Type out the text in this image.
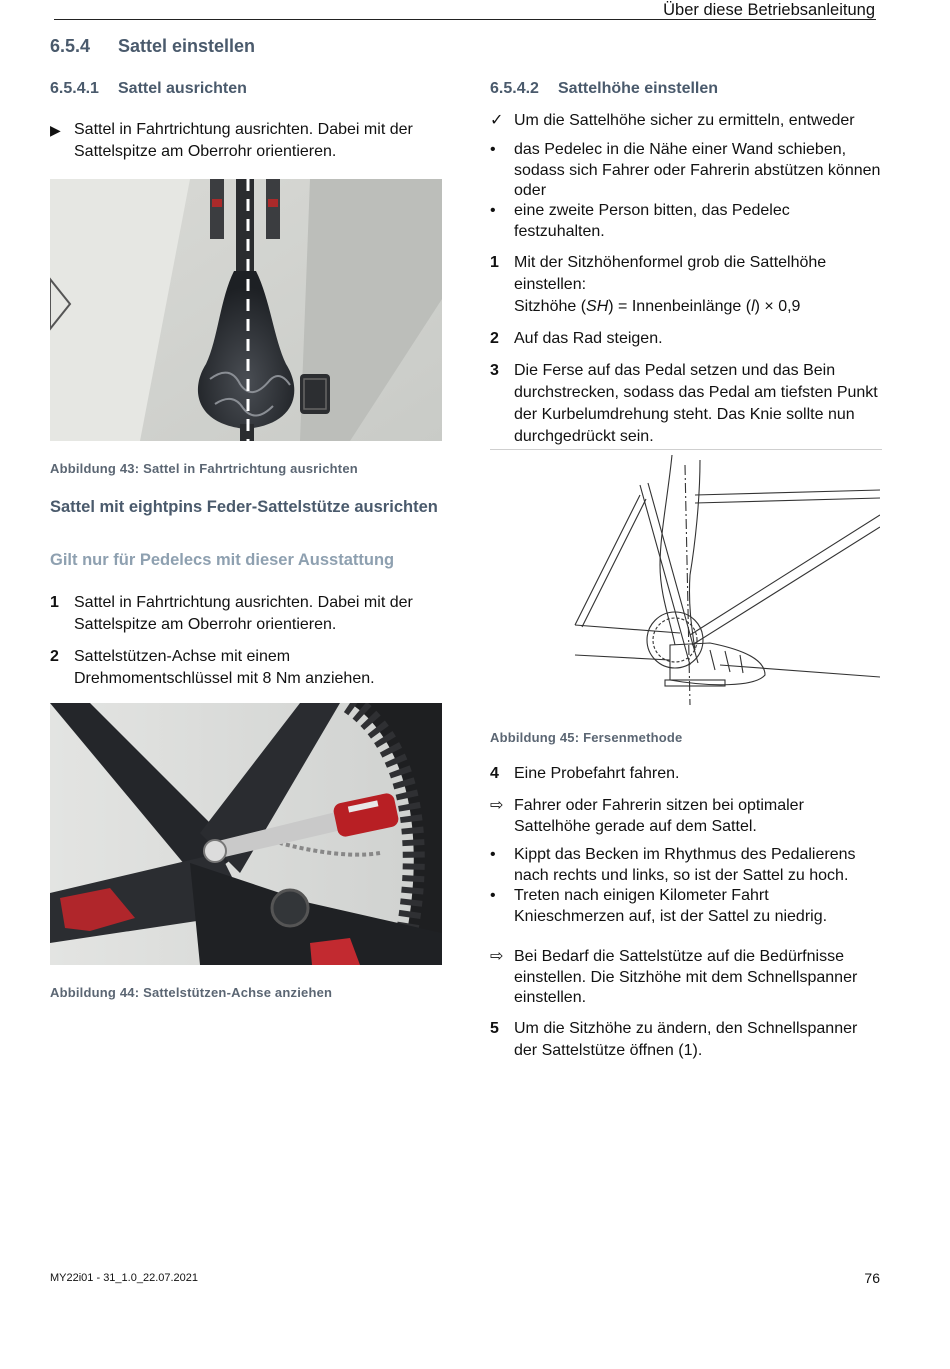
Über diese Betriebsanleitung
6.5.4 Sattel einstellen
6.5.4.1 Sattel ausrichten
▶ Sattel in Fahrtrichtung ausrichten. Dabei mit der Sattelspitze am Oberrohr orientieren.
Abbildung 43: Sattel in Fahrtrichtung ausrichten
Sattel mit eightpins Feder-Sattelstütze ausrichten
Gilt nur für Pedelecs mit dieser Ausstattung
1 Sattel in Fahrtrichtung ausrichten. Dabei mit der Sattelspitze am Oberrohr orientieren.
2 Sattelstützen-Achse mit einem Drehmomentschlüssel mit 8 Nm anziehen.
Abbildung 44: Sattelstützen-Achse anziehen
6.5.4.2 Sattelhöhe einstellen
✓ Um die Sattelhöhe sicher zu ermitteln, entweder
•	das Pedelec in die Nähe einer Wand schieben, sodass sich Fahrer oder Fahrerin abstützen können oder
•	eine zweite Person bitten, das Pedelec festzuhalten.
1 Mit der Sitzhöhenformel grob die Sattelhöhe einstellen:
Sitzhöhe (SH) = Innenbeinlänge (l) × 0,9
2 Auf das Rad steigen.
3 Die Ferse auf das Pedal setzen und das Bein durchstrecken, sodass das Pedal am tiefsten Punkt der Kurbelumdrehung steht. Das Knie sollte nun durchgedrückt sein.
Abbildung 45: Fersenmethode
4 Eine Probefahrt fahren.
⇨ Fahrer oder Fahrerin sitzen bei optimaler Sattelhöhe gerade auf dem Sattel.
•	Kippt das Becken im Rhythmus des Pedalierens nach rechts und links, so ist der Sattel zu hoch.
•	Treten nach einigen Kilometer Fahrt Knieschmerzen auf, ist der Sattel zu niedrig.
⇨ Bei Bedarf die Sattelstütze auf die Bedürfnisse einstellen. Die Sitzhöhe mit dem Schnellspanner einstellen.
5 Um die Sitzhöhe zu ändern, den Schnellspanner der Sattelstütze öffnen (1).
MY22i01 - 31_1.0_22.07.2021	76
